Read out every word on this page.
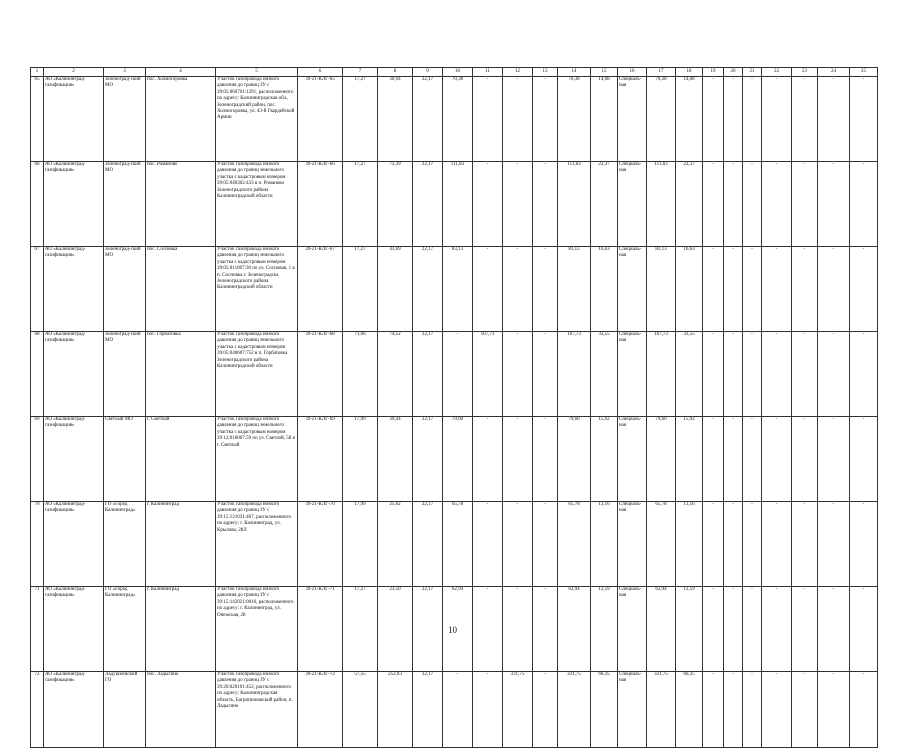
1	2	3	4	5	6	7	8	9	10	11	12	13	14	15	16	17	18	19	20	21	22	23	24	25
65	АО «Калининград-газификация»	Зеленоград-ский МО	пос. Холмогоровка	Участок газопровода низкого давления до границ ЗУ с 39:05:060701:1291, расположенного по адресу: Калининградская обл., Зеленоградский район, пос. Холмогоровка, ул. 43-й Гвардейской Армии	39-21-КЛГ-65	17,27	30,94	22,17	70,38	-	-	-	70,38	14,08	Специаль-ная	70,38	14,08	-	-	-	-	-	-	-
66	АО «Калининград-газификация»	Зеленоград-ский МО	пос. Романово	Участок газопровода низкого давления до границ земельного участка с кадастровым номером 39:05:040302:433 в п. Романово Зеленоградского района Калининградской области	39-21-КЛГ-66	17,27	72,39	22,17	111,83	-	-	-	111,83	22,37	Специаль-ная	111,83	22,37	-	-	-	-	-	-	-
67	АО «Калининград-газификация»	Зеленоград-ский МО	пос. Сосновка	Участок газопровода низкого давления до границ земельного участка с кадастровым номером 39:05:011007:30 по ул. Сосновая, 1 в п. Сосновка г. Зеленоградска Зеленоградского района Калининградской области	39-21-КЛГ-67	17,27	43,69	22,17	83,13	-	-	-	83,13	16,63	Специаль-ная	83,13	16,63	-	-	-	-	-	-	-
68	АО «Калининград-газификация»	Зеленоград-ский МО	пос. Горбатовка	Участок газопровода низкого давления до границ земельного участка с кадастровым номером 39:05:040607:752 в п. Горбатовка Зеленоградского района Калининградской области	39-21-КЛГ-68	71,06	74,52	22,17	-	167,73	-	-	167,73	33,55	Специаль-ная	167,73	33,55	-	-	-	-	-	-	-
69	АО «Калининград-газификация»	Светлый МО	г. Светлый	Участок газопровода низкого давления до границ земельного участка с кадастровым номером 39:12:010007:59 по ул. Светлой, 58 в г. Светлый	39-21-КЛГ-69	17,99	39,44	22,17	79,60	-	-	-	79,60	15,92	Специаль-ная	79,60	15,92	-	-	-	-	-	-	-
70	АО «Калининград-газификация»	ГО «Город Калининград»	г. Калининград	Участок газопровода низкого давления до границ ЗУ с 39:15:121031:467, расположенного по адресу: г. Калининград, ул. Крылова, 28Л	39-21-КЛГ-70	17,99	25,62	22,17	65,78	-	-	-	65,78	13,16	Специаль-ная	65,78	13,16	-	-	-	-	-	-	-
71	АО «Калининград-газификация»	ГО «Город Калининград»	г. Калининград	Участок газопровода низкого давления до границ ЗУ с 39:15:142021:0016, расположенного по адресу: г. Калининград, ул. Онежская, 28	39-21-КЛГ-71	17,27	23,50	22,17	62,94	-	-	-	62,94	12,59	Специаль-ная	62,94	12,59	-	-	-	-	-	-	-
72	АО «Калининград-газификация»	Ладушкинский ГО	пос. Ладыгино	Участок газопровода низкого давления до границ ЗУ с 39:20:020101:452, расположенного по адресу: Калининградская область, Багратионовский район, п. Ладыгино	39-21-КЛГ-72	57,55	252,03	22,17	-	-	331,75	-	331,75	66,35	Специаль-ная	331,75	66,35	-	-	-	-	-	-	-
10
